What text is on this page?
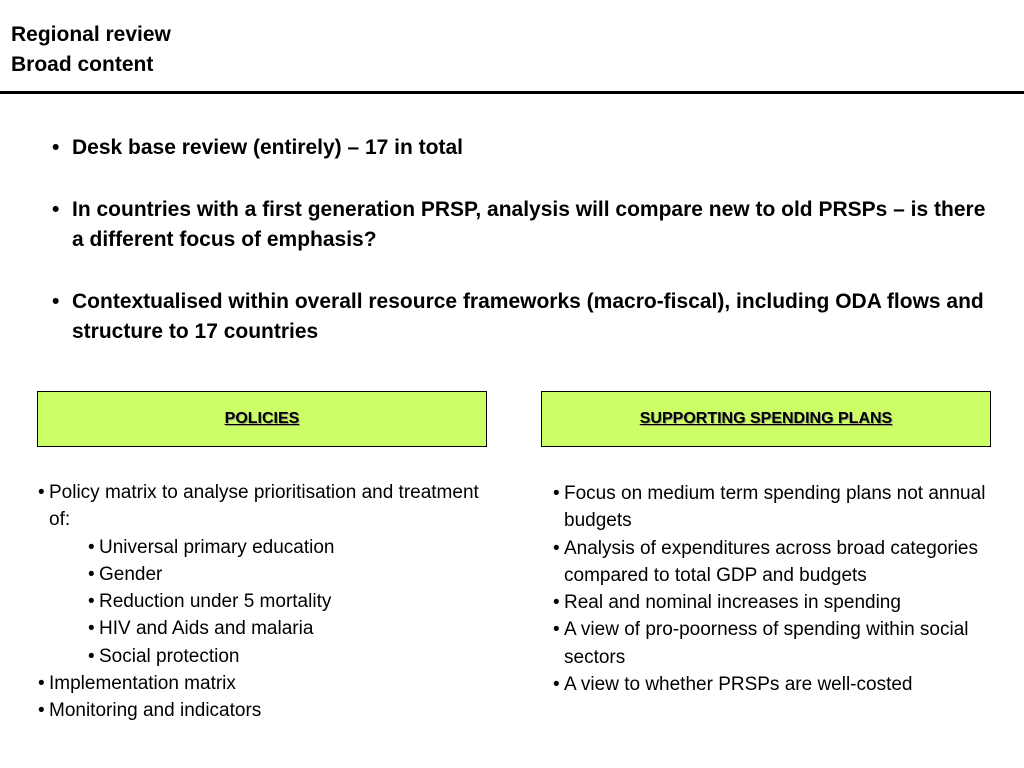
Regional review
Broad content
• Desk base review (entirely) – 17 in total
• In countries with a first generation PRSP, analysis will compare new to old PRSPs – is there a different focus of emphasis?
• Contextualised within overall resource frameworks (macro-fiscal), including ODA flows and structure to 17 countries
POLICIES	SUPPORTING SPENDING PLANS
• Policy matrix to analyse prioritisation and treatment of:
• Universal primary education
• Gender
• Reduction under 5 mortality
• HIV and Aids and malaria
• Social protection
• Implementation matrix
• Monitoring and indicators
• Focus on medium term spending plans not annual budgets
• Analysis of expenditures across broad categories compared to total GDP and budgets
• Real and nominal increases in spending
• A view of pro-poorness of spending within social sectors
• A view to whether PRSPs are well-costed
